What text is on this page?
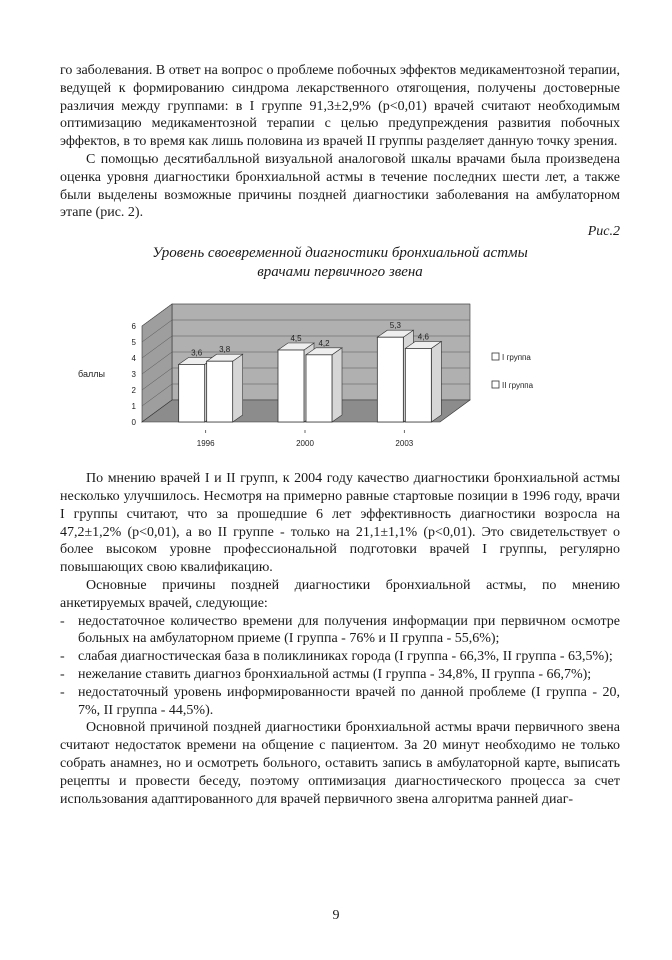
го заболевания. В ответ на вопрос о проблеме побочных эффектов медикаментозной терапии, ведущей к формированию синдрома лекарственного отягощения, получены достоверные различия между группами: в I группе 91,3±2,9% (p<0,01) врачей считают необходимым оптимизацию медикаментозной терапии с целью предупреждения развития побочных эффектов, в то время как лишь половина из врачей II группы разделяет данную точку зрения.

С помощью десятибалльной визуальной аналоговой шкалы врачами была произведена оценка уровня диагностики бронхиальной астмы в течение последних шести лет, а также были выделены возможные причины поздней диагностики заболевания на амбулаторном этапе (рис. 2).

Рис.2
Уровень своевременной диагностики бронхиальной астмы
врачами первичного звена
0
1
2
3
4
5
6
баллы
3,6 3,8
1996
4,5
4,2
2000
5,3
4,6
2003
I группа
II группа

По мнению врачей I и II групп, к 2004 году качество диагностики бронхиальной астмы несколько улучшилось. Несмотря на примерно равные стартовые позиции в 1996 году, врачи I группы считают, что за прошедшие 6 лет эффективность диагностики возросла на 47,2±1,2% (p<0,01), а во II группе - только на 21,1±1,1% (p<0,01). Это свидетельствует о более высоком уровне профессиональной подготовки врачей I группы, регулярно повышающих свою квалификацию.

Основные причины поздней диагностики бронхиальной астмы, по мнению анкетируемых врачей, следующие:

- недостаточное количество времени для получения информации при первичном осмотре больных на амбулаторном приеме (I группа - 76% и II группа - 55,6%);
- слабая диагностическая база в поликлиниках города (I группа - 66,3%, II группа - 63,5%);
- нежелание ставить диагноз бронхиальной астмы (I группа - 34,8%, II группа - 66,7%);
- недостаточный уровень информированности врачей по данной проблеме (I группа - 20, 7%, II группа - 44,5%).

Основной причиной поздней диагностики бронхиальной астмы врачи первичного звена считают недостаток времени на общение с пациентом. За 20 минут необходимо не только собрать анамнез, но и осмотреть больного, оставить запись в амбулаторной карте, выписать рецепты и провести беседу, поэтому оптимизация диагностического процесса за счет использования адаптированного для врачей первичного звена алгоритма ранней диаг-

9
